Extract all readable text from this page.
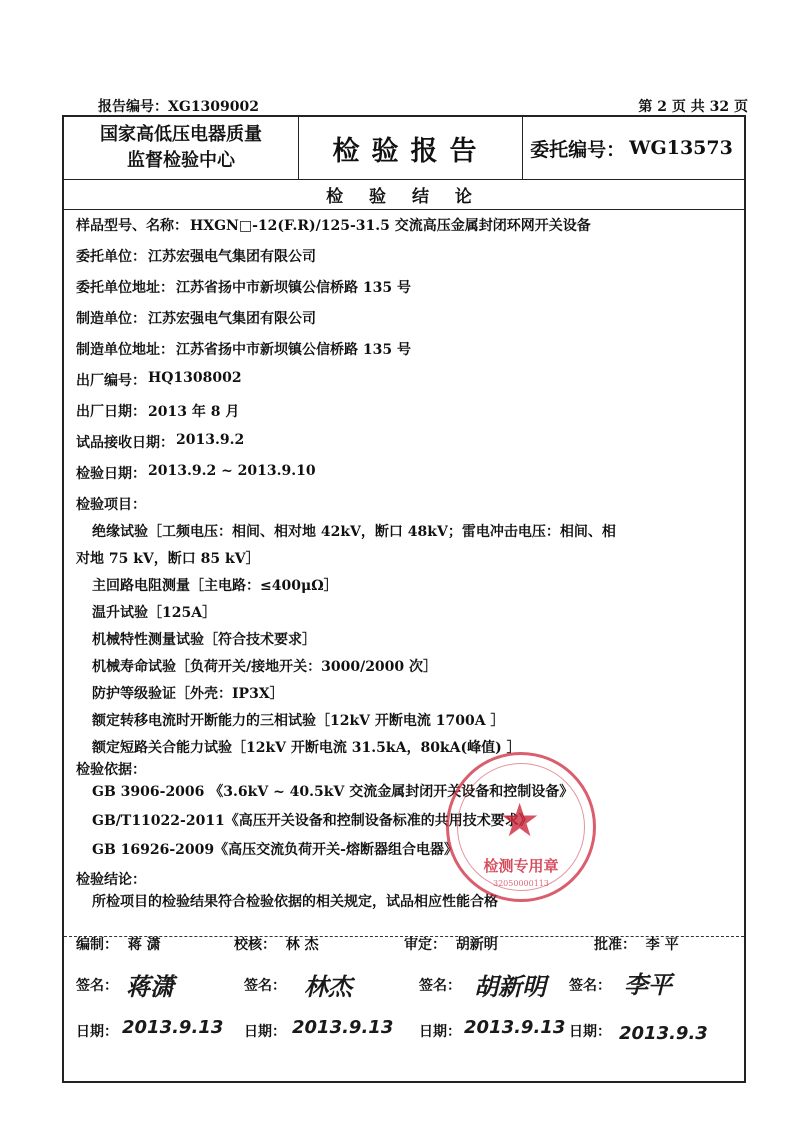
报告编号：XG1309002	第 2 页 共 32 页
国家高低压电器质量
监督检验中心	检验报告	委托编号： WG13573
检 验 结 论
样品型号、名称： HXGN□-12(F.R)/125-31.5 交流高压金属封闭环网开关设备
委托单位： 江苏宏强电气集团有限公司
委托单位地址： 江苏省扬中市新坝镇公信桥路 135 号
制造单位： 江苏宏强电气集团有限公司
制造单位地址： 江苏省扬中市新坝镇公信桥路 135 号
出厂编号： HQ1308002
出厂日期： 2013 年 8 月
试品接收日期： 2013.9.2
检验日期： 2013.9.2 ~ 2013.9.10
检验项目：
绝缘试验［工频电压：相间、相对地 42kV，断口 48kV；雷电冲击电压：相间、相
对地 75 kV，断口 85 kV］
主回路电阻测量［主电路：≤400μΩ］
温升试验［125A］
机械特性测量试验［符合技术要求］
机械寿命试验［负荷开关/接地开关：3000/2000 次］
防护等级验证［外壳：IP3X］
额定转移电流时开断能力的三相试验［12kV 开断电流 1700A ］
额定短路关合能力试验［12kV 开断电流 31.5kA，80kA(峰值) ］
检验依据：
GB 3906-2006 《3.6kV ~ 40.5kV 交流金属封闭开关设备和控制设备》
GB/T11022-2011《高压开关设备和控制设备标准的共用技术要求》
GB 16926-2009《高压交流负荷开关-熔断器组合电器》
检验结论：
所检项目的检验结果符合检验依据的相关规定，试品相应性能合格
编制： 蒋 潇	校核： 林 杰	审定： 胡新明	批准： 李 平
签名： 蒋潇	签名： 林杰	签名： 胡新明 签名： 李平
日期： 2013.9.13 日期： 2013.9.13 日期： 2013.9.13 日期： 2013.9.3
★
检测专用章
32050000113
